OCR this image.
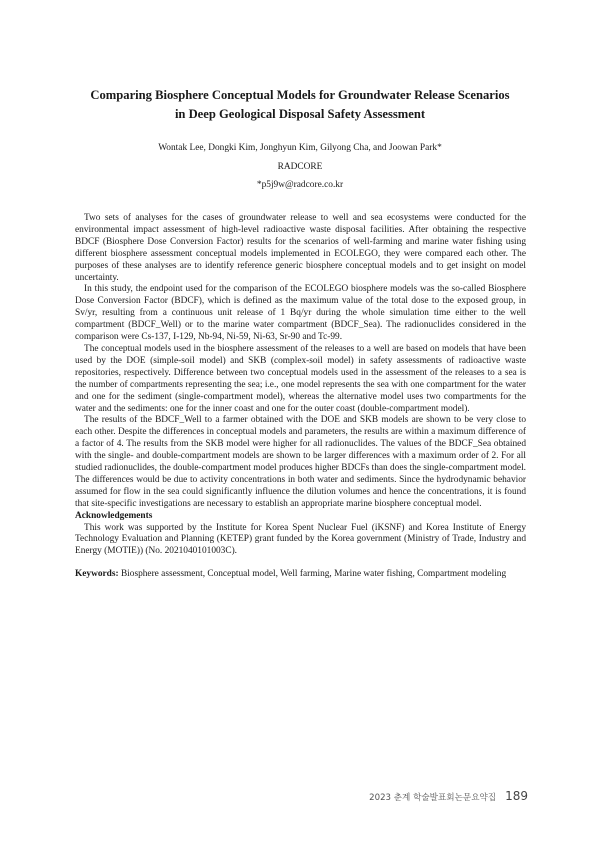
Comparing Biosphere Conceptual Models for Groundwater Release Scenarios
in Deep Geological Disposal Safety Assessment
Wontak Lee, Dongki Kim, Jonghyun Kim, Gilyong Cha, and Joowan Park*
RADCORE
*p5j9w@radcore.co.kr

Two sets of analyses for the cases of groundwater release to well and sea ecosystems were conducted for the environmental impact assessment of high-level radioactive waste disposal facilities. After obtaining the respective BDCF (Biosphere Dose Conversion Factor) results for the scenarios of well-farming and marine water fishing using different biosphere assessment conceptual models implemented in ECOLEGO, they were compared each other. The purposes of these analyses are to identify reference generic biosphere conceptual models and to get insight on model uncertainty.

In this study, the endpoint used for the comparison of the ECOLEGO biosphere models was the so-called Biosphere Dose Conversion Factor (BDCF), which is defined as the maximum value of the total dose to the exposed group, in Sv/yr, resulting from a continuous unit release of 1 Bq/yr during the whole simulation time either to the well compartment (BDCF_Well) or to the marine water compartment (BDCF_Sea). The radionuclides considered in the comparison were Cs-137, I-129, Nb-94, Ni-59, Ni-63, Sr-90 and Tc-99.

The conceptual models used in the biosphere assessment of the releases to a well are based on models that have been used by the DOE (simple-soil model) and SKB (complex-soil model) in safety assessments of radioactive waste repositories, respectively. Difference between two conceptual models used in the assessment of the releases to a sea is the number of compartments representing the sea; i.e., one model represents the sea with one compartment for the water and one for the sediment (single-compartment model), whereas the alternative model uses two compartments for the water and the sediments: one for the inner coast and one for the outer coast (double-compartment model).

The results of the BDCF_Well to a farmer obtained with the DOE and SKB models are shown to be very close to each other. Despite the differences in conceptual models and parameters, the results are within a maximum difference of a factor of 4. The results from the SKB model were higher for all radionuclides. The values of the BDCF_Sea obtained with the single- and double-compartment models are shown to be larger differences with a maximum order of 2. For all studied radionuclides, the double-compartment model produces higher BDCFs than does the single-compartment model. The differences would be due to activity concentrations in both water and sediments. Since the hydrodynamic behavior assumed for flow in the sea could significantly influence the dilution volumes and hence the concentrations, it is found that site-specific investigations are necessary to establish an appropriate marine biosphere conceptual model.

Acknowledgements

This work was supported by the Institute for Korea Spent Nuclear Fuel (iKSNF) and Korea Institute of Energy Technology Evaluation and Planning (KETEP) grant funded by the Korea government (Ministry of Trade, Industry and Energy (MOTIE)) (No. 2021040101003C).

Keywords: Biosphere assessment, Conceptual model, Well farming, Marine water fishing, Compartment modeling

2023 춘계 학술발표회논문요약집 189
